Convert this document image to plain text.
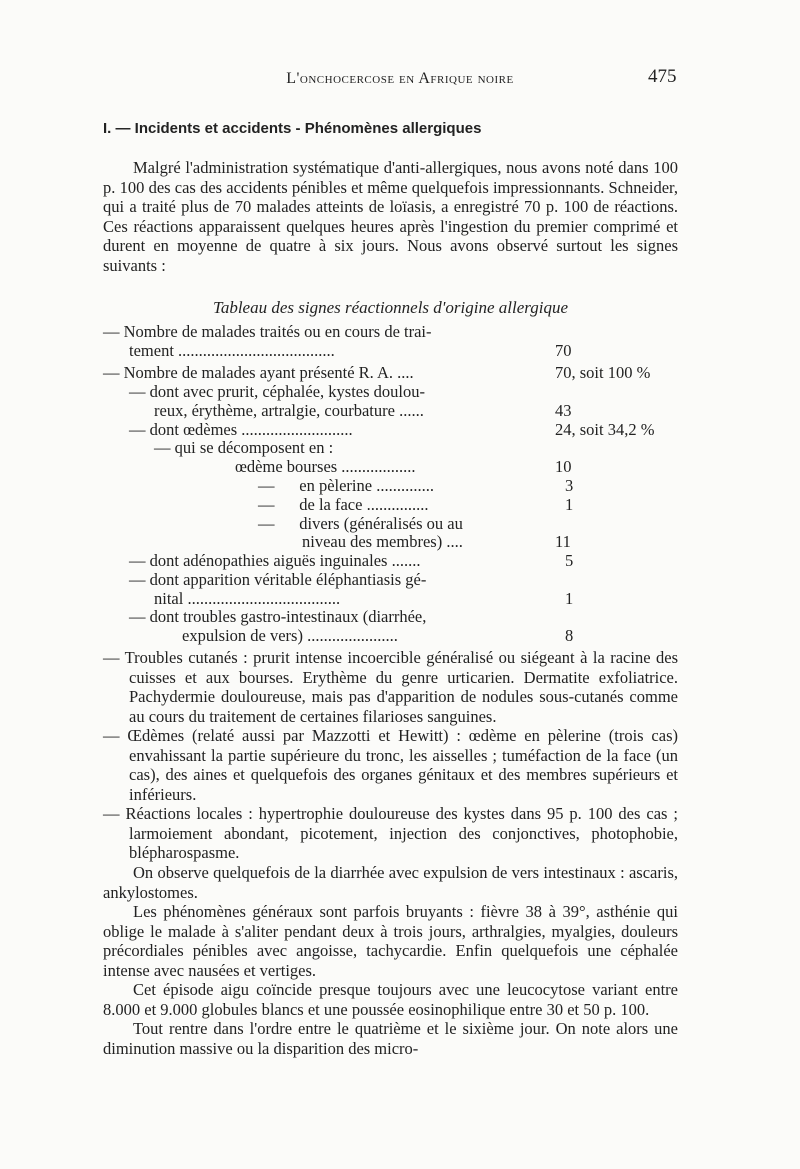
L'onchocercose en Afrique noire	475
I. — Incidents et accidents - Phénomènes allergiques

Malgré l'administration systématique d'anti-allergiques, nous avons noté dans 100 p. 100 des cas des accidents pénibles et même quelquefois impressionnants. Schneider, qui a traité plus de 70 malades atteints de loïasis, a enregistré 70 p. 100 de réactions. Ces réactions apparaissent quelques heures après l'ingestion du premier comprimé et durent en moyenne de quatre à six jours. Nous avons observé surtout les signes suivants :

Tableau des signes réactionnels d'origine allergique
— Nombre de malades traités ou en cours de trai-
tement ......................................	70
— Nombre de malades ayant présenté R. A. ....	70, soit 100 %
— dont avec prurit, céphalée, kystes doulou-
reux, érythème, artralgie, courbature ......	43
— dont œdèmes ...........................	24, soit 34,2 %
— qui se décomposent en :
œdème bourses ..................	10
—      en pèlerine ..............	3
—      de la face ...............	1
—      divers (généralisés ou au
niveau des membres) ....	11
— dont adénopathies aiguës inguinales .......	5
— dont apparition véritable éléphantiasis gé-
nital .....................................	1
— dont troubles gastro-intestinaux (diarrhée,
expulsion de vers) ......................	8

— Troubles cutanés : prurit intense incoercible généralisé ou siégeant à la racine des cuisses et aux bourses. Erythème du genre urticarien. Dermatite exfoliatrice. Pachydermie douloureuse, mais pas d'apparition de nodules sous-cutanés comme au cours du traitement de certaines filarioses sanguines.

— Œdèmes (relaté aussi par Mazzotti et Hewitt) : œdème en pèlerine (trois cas) envahissant la partie supérieure du tronc, les aisselles ; tuméfaction de la face (un cas), des aines et quelquefois des organes génitaux et des membres supérieurs et inférieurs.

— Réactions locales : hypertrophie douloureuse des kystes dans 95 p. 100 des cas ; larmoiement abondant, picotement, injection des conjonctives, photophobie, blépharospasme.

On observe quelquefois de la diarrhée avec expulsion de vers intestinaux : ascaris, ankylostomes.

Les phénomènes généraux sont parfois bruyants : fièvre 38 à 39°, asthénie qui oblige le malade à s'aliter pendant deux à trois jours, arthralgies, myalgies, douleurs précordiales pénibles avec angoisse, tachycardie. Enfin quelquefois une céphalée intense avec nausées et vertiges.

Cet épisode aigu coïncide presque toujours avec une leucocytose variant entre 8.000 et 9.000 globules blancs et une poussée eosinophilique entre 30 et 50 p. 100.

Tout rentre dans l'ordre entre le quatrième et le sixième jour. On note alors une diminution massive ou la disparition des micro-
